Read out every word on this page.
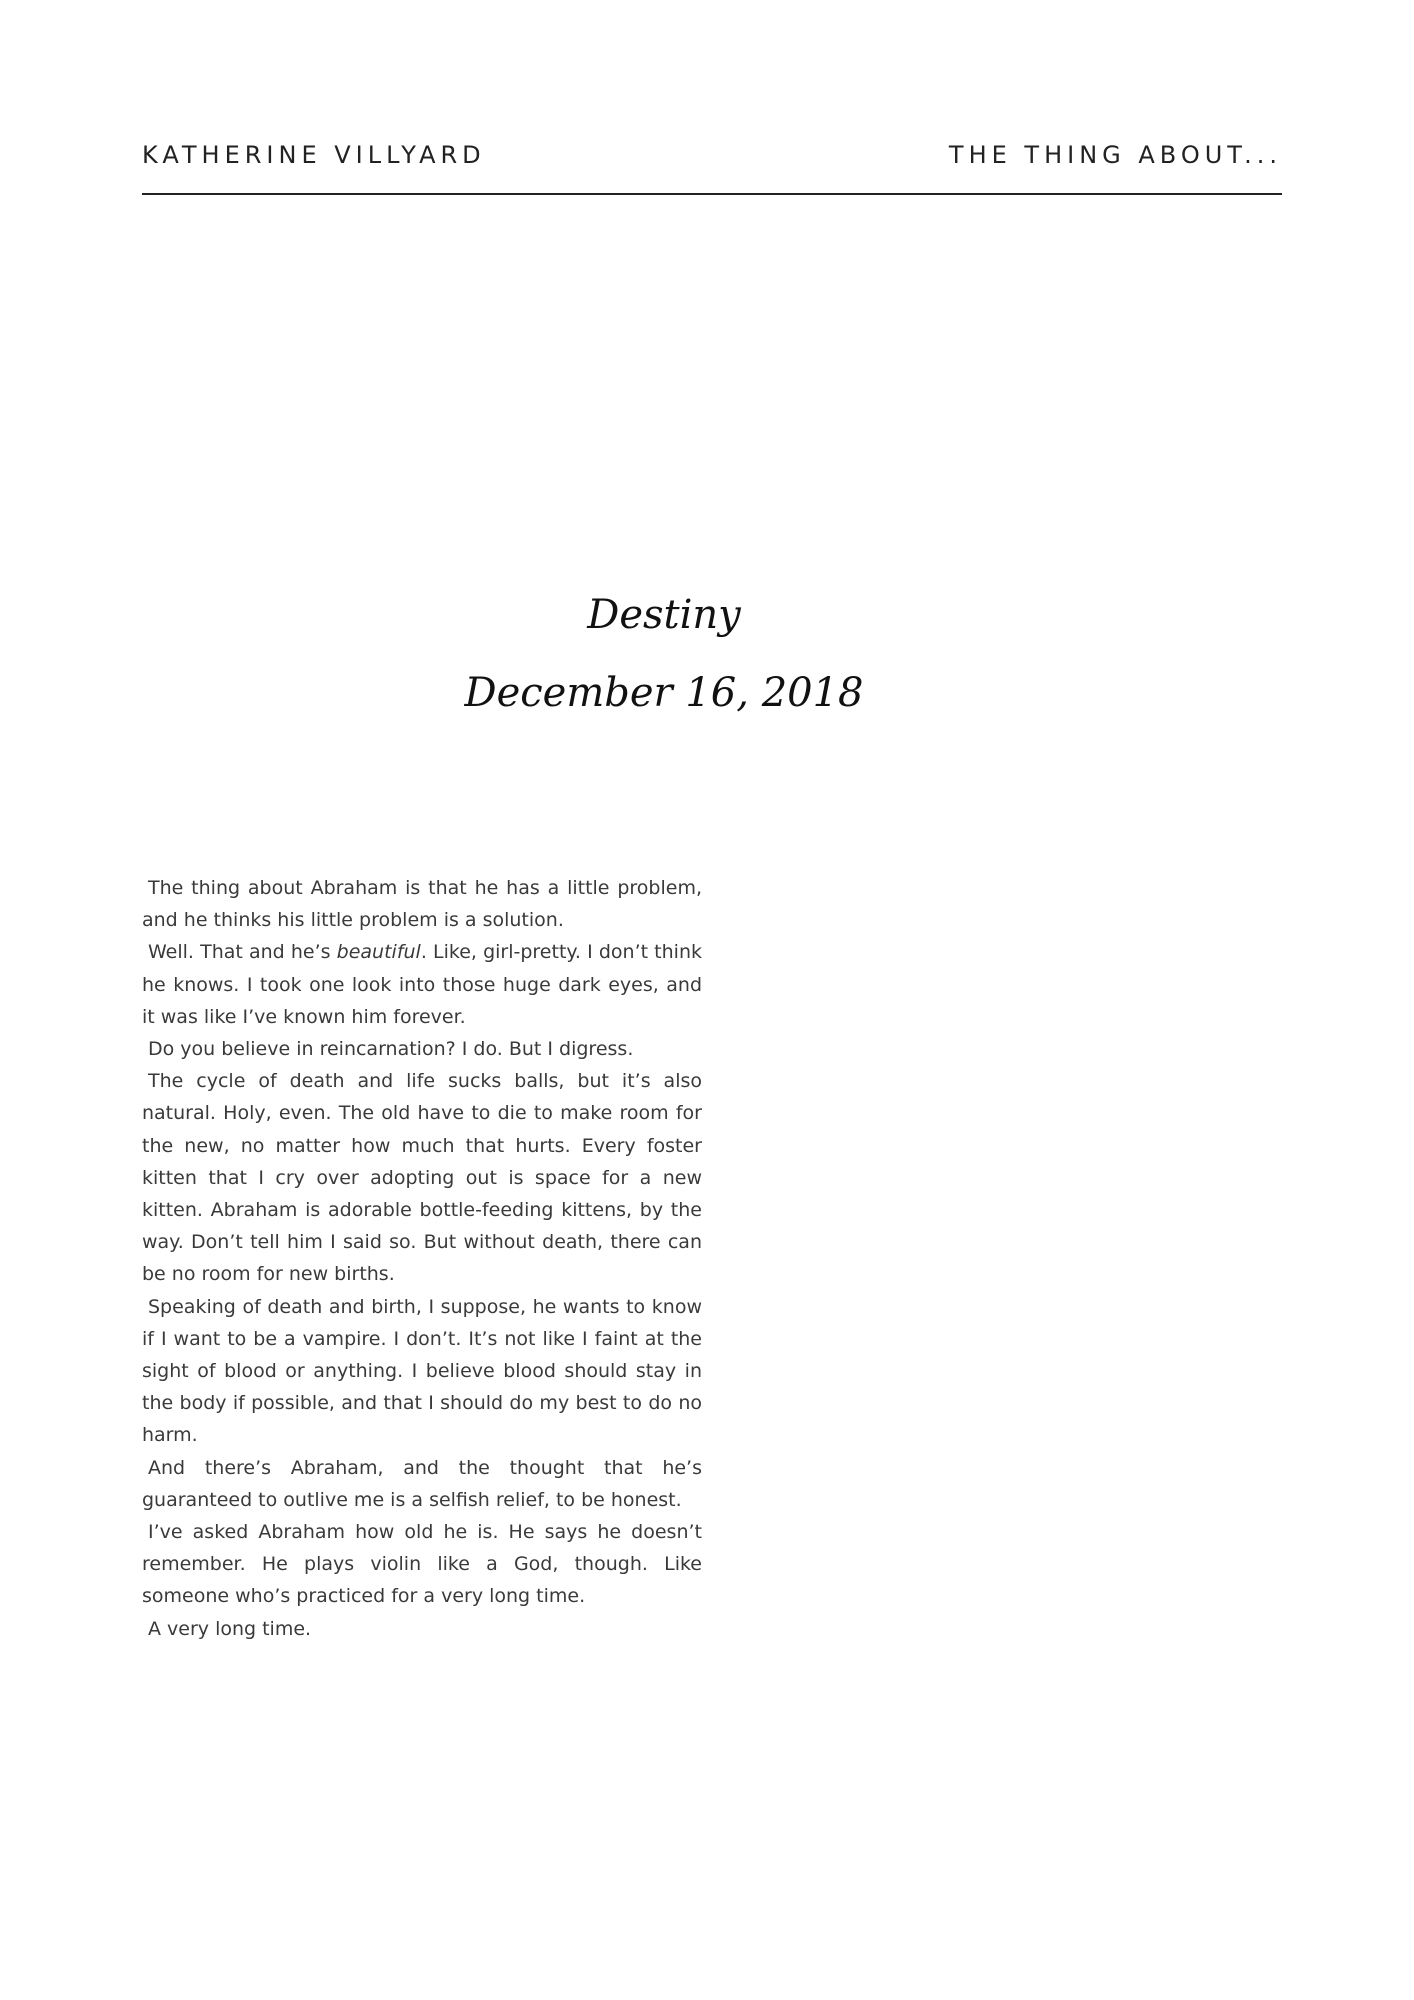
KATHERINE VILLYARD	THE THING ABOUT...
Destiny
December 16, 2018

The thing about Abraham is that he has a little problem, and he thinks his little problem is a solution.

Well. That and he’s beautiful. Like, girl-pretty. I don’t think he knows. I took one look into those huge dark eyes, and it was like I’ve known him forever.

Do you believe in reincarnation? I do. But I digress.

The cycle of death and life sucks balls, but it’s also natural. Holy, even. The old have to die to make room for the new, no matter how much that hurts. Every foster kitten that I cry over adopting out is space for a new kitten. Abraham is adorable bottle-feeding kittens, by the way. Don’t tell him I said so. But without death, there can be no room for new births.

Speaking of death and birth, I suppose, he wants to know if I want to be a vampire. I don’t. It’s not like I faint at the sight of blood or anything. I believe blood should stay in the body if possible, and that I should do my best to do no harm.

And there’s Abraham, and the thought that he’s guaranteed to outlive me is a selfish relief, to be honest.

I’ve asked Abraham how old he is. He says he doesn’t remember. He plays violin like a God, though. Like someone who’s practiced for a very long time.

A very long time.
